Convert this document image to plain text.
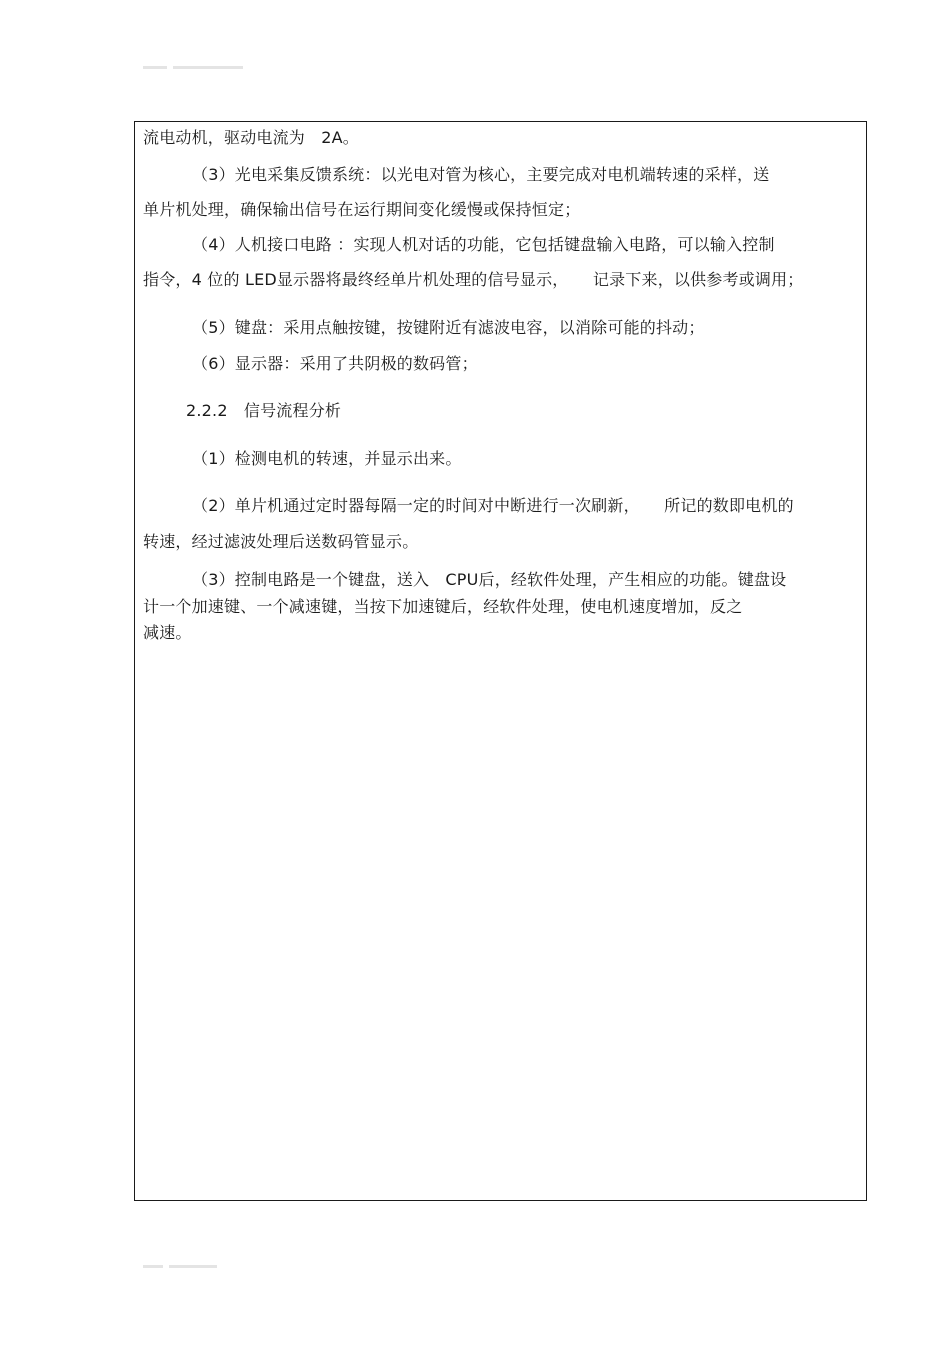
流电动机，驱动电流为　2A。
（3）光电采集反馈系统：以光电对管为核心，主要完成对电机端转速的采样，送
单片机处理，确保输出信号在运行期间变化缓慢或保持恒定；
（4）人机接口电路 ：实现人机对话的功能，它包括键盘输入电路，可以输入控制
指令，4 位的 LED显示器将最终经单片机处理的信号显示，　　记录下来，以供参考或调用；
（5）键盘：采用点触按键，按键附近有滤波电容，以消除可能的抖动；
（6）显示器：采用了共阴极的数码管；
2.2.2　信号流程分析
（1）检测电机的转速，并显示出来。
（2）单片机通过定时器每隔一定的时间对中断进行一次刷新，　　所记的数即电机的
转速，经过滤波处理后送数码管显示。
（3）控制电路是一个键盘，送入　CPU后，经软件处理，产生相应的功能。键盘设
计一个加速键、一个减速键，当按下加速键后，经软件处理，使电机速度增加，反之
减速。
